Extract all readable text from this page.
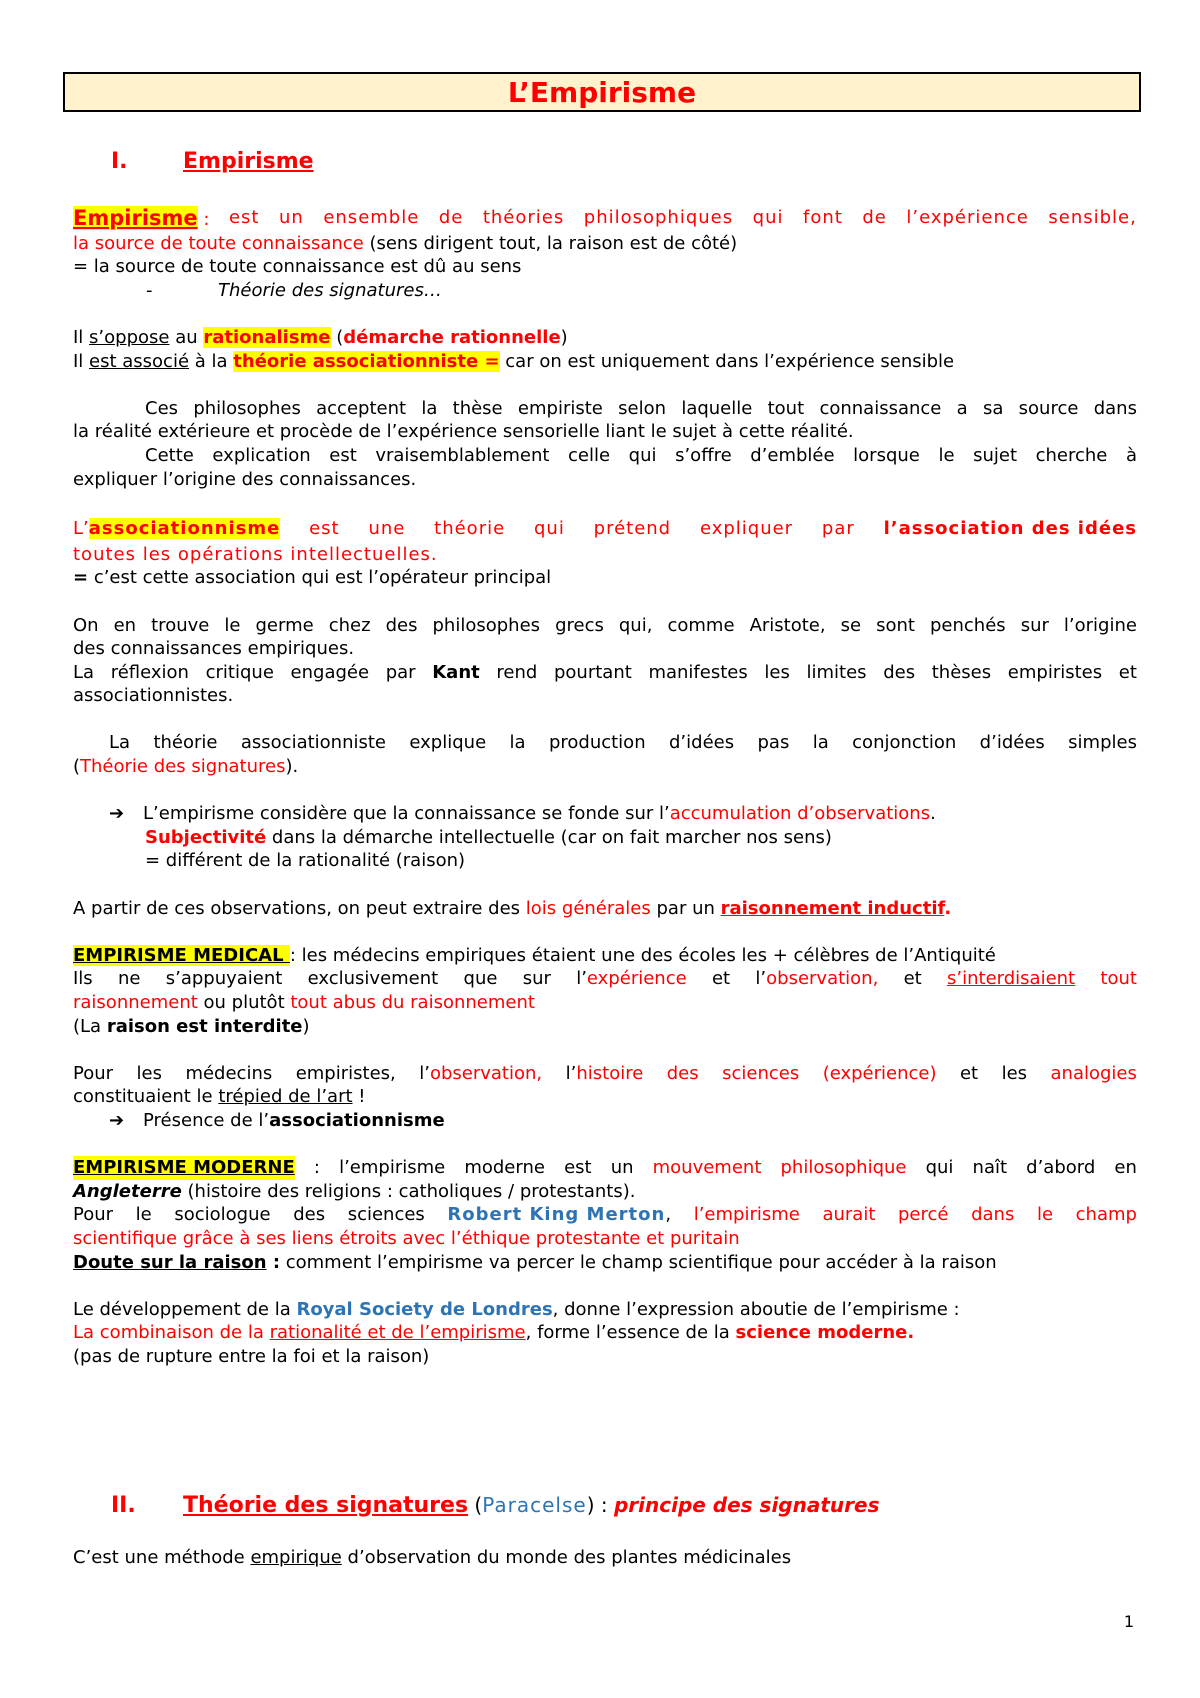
L’Empirisme
I.	Empirisme
Empirisme : est un ensemble de théories philosophiques qui font de l’expérience sensible,
la source de toute connaissance (sens dirigent tout, la raison est de côté)
= la source de toute connaissance est dû au sens
-	Théorie des signatures…
Il s’oppose au rationalisme (démarche rationnelle)
Il est associé à la théorie associationniste = car on est uniquement dans l’expérience sensible
Ces philosophes acceptent la thèse empiriste selon laquelle tout connaissance a sa source dans
la réalité extérieure et procède de l’expérience sensorielle liant le sujet à cette réalité.
Cette explication est vraisemblablement celle qui s’offre d’emblée lorsque le sujet cherche à
expliquer l’origine des connaissances.
L’associationnisme est une théorie qui prétend expliquer par l’association des idées
toutes les opérations intellectuelles.
= c’est cette association qui est l’opérateur principal
On en trouve le germe chez des philosophes grecs qui, comme Aristote, se sont penchés sur l’origine
des connaissances empiriques.
La réflexion critique engagée par Kant rend pourtant manifestes les limites des thèses empiristes et
associationnistes.
La théorie associationniste explique la production d’idées pas la conjonction d’idées simples
(Théorie des signatures).
➔ L’empirisme considère que la connaissance se fonde sur l’accumulation d’observations.
Subjectivité dans la démarche intellectuelle (car on fait marcher nos sens)
= différent de la rationalité (raison)
A partir de ces observations, on peut extraire des lois générales par un raisonnement inductif.
EMPIRISME MEDICAL : les médecins empiriques étaient une des écoles les + célèbres de l’Antiquité
Ils ne s’appuyaient exclusivement que sur l’expérience et l’observation, et s’interdisaient tout
raisonnement ou plutôt tout abus du raisonnement
(La raison est interdite)
Pour les médecins empiristes, l’observation, l’histoire des sciences (expérience) et les analogies
constituaient le trépied de l’art !
➔ Présence de l’associationnisme
EMPIRISME MODERNE : l’empirisme moderne est un mouvement philosophique qui naît d’abord en
Angleterre (histoire des religions : catholiques / protestants).
Pour le sociologue des sciences Robert King Merton, l’empirisme aurait percé dans le champ
scientifique grâce à ses liens étroits avec l’éthique protestante et puritain
Doute sur la raison : comment l’empirisme va percer le champ scientifique pour accéder à la raison
Le développement de la Royal Society de Londres, donne l’expression aboutie de l’empirisme :
La combinaison de la rationalité et de l’empirisme, forme l’essence de la science moderne.
(pas de rupture entre la foi et la raison)
II. Théorie des signatures (Paracelse) : principe des signatures
C’est une méthode empirique d’observation du monde des plantes médicinales
1
